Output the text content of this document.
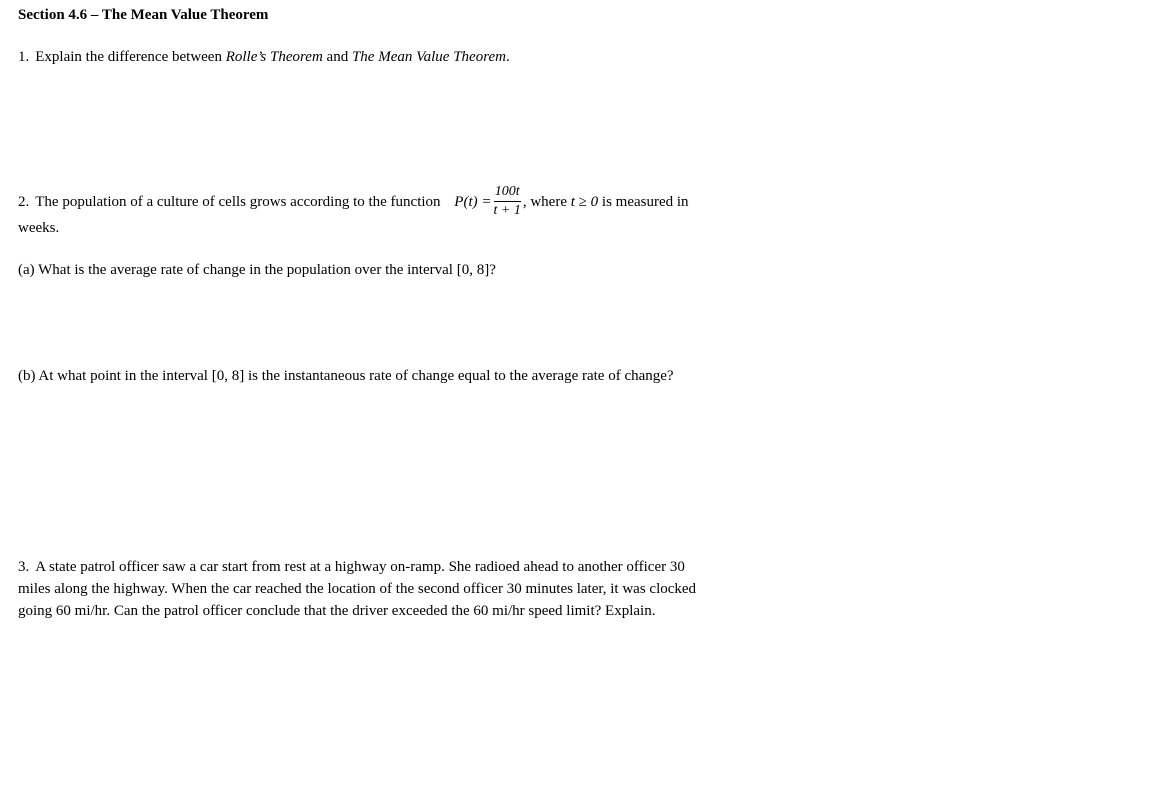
Section 4.6 – The Mean Value Theorem
1. Explain the difference between Rolle’s Theorem and The Mean Value Theorem.
2. The population of a culture of cells grows according to the function $P(t) = \frac{100t}{t + 1}$ , where t ≥ 0 is measured in
weeks.
(a) What is the average rate of change in the population over the interval [0, 8]?
(b) At what point in the interval [0, 8] is the instantaneous rate of change equal to the average rate of change?
3. A state patrol officer saw a car start from rest at a highway on-ramp. She radioed ahead to another officer 30
miles along the highway. When the car reached the location of the second officer 30 minutes later, it was clocked
going 60 mi/hr. Can the patrol officer conclude that the driver exceeded the 60 mi/hr speed limit? Explain.
